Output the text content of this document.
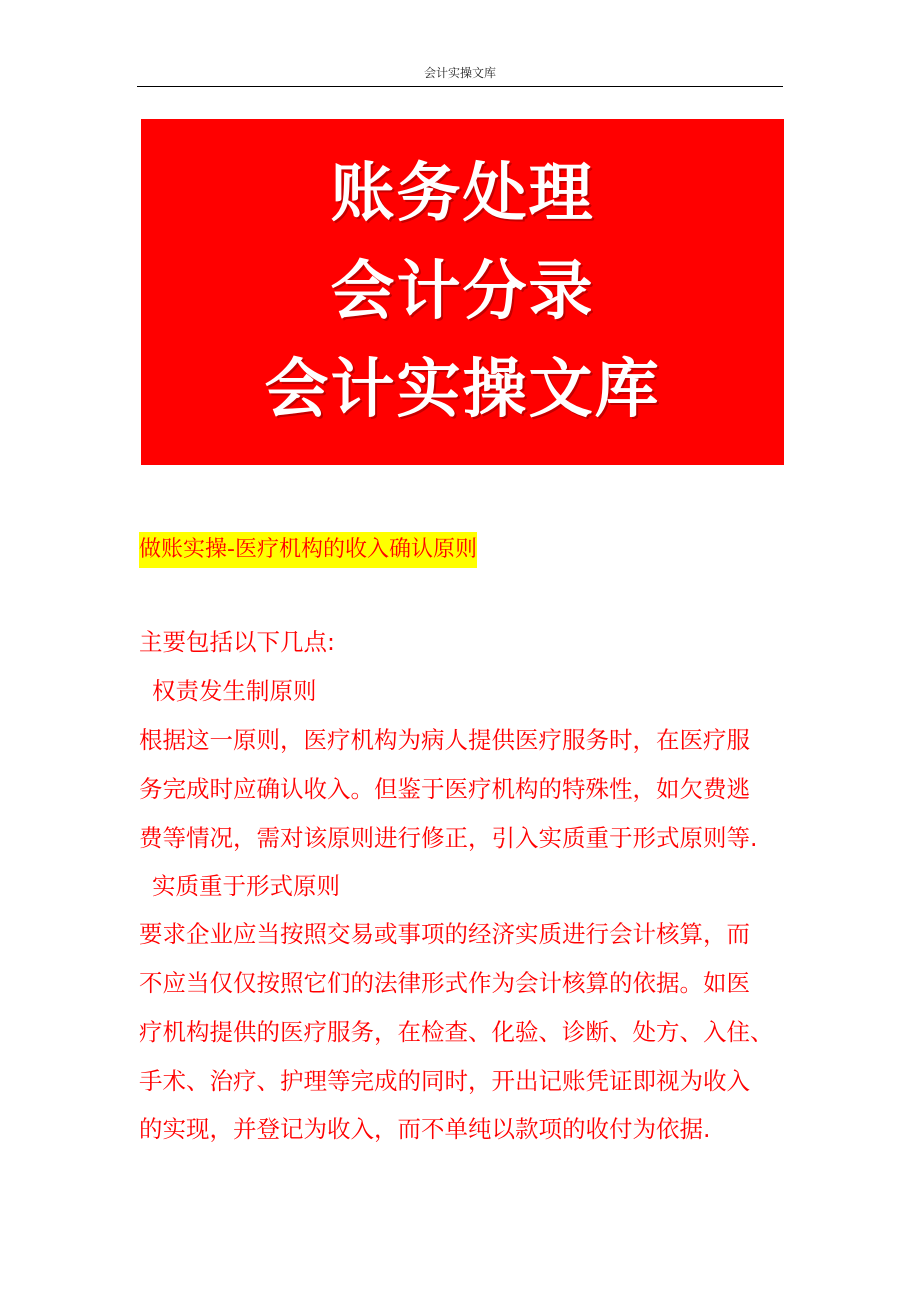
会计实操文库
账务处理
会计分录
会计实操文库
做账实操-医疗机构的收入确认原则
主要包括以下几点:
权责发生制原则
根据这一原则，医疗机构为病人提供医疗服务时，在医疗服
务完成时应确认收入。但鉴于医疗机构的特殊性，如欠费逃
费等情况，需对该原则进行修正，引入实质重于形式原则等.
实质重于形式原则
要求企业应当按照交易或事项的经济实质进行会计核算，而
不应当仅仅按照它们的法律形式作为会计核算的依据。如医
疗机构提供的医疗服务，在检查、化验、诊断、处方、入住、
手术、治疗、护理等完成的同时，开出记账凭证即视为收入
的实现，并登记为收入，而不单纯以款项的收付为依据.
